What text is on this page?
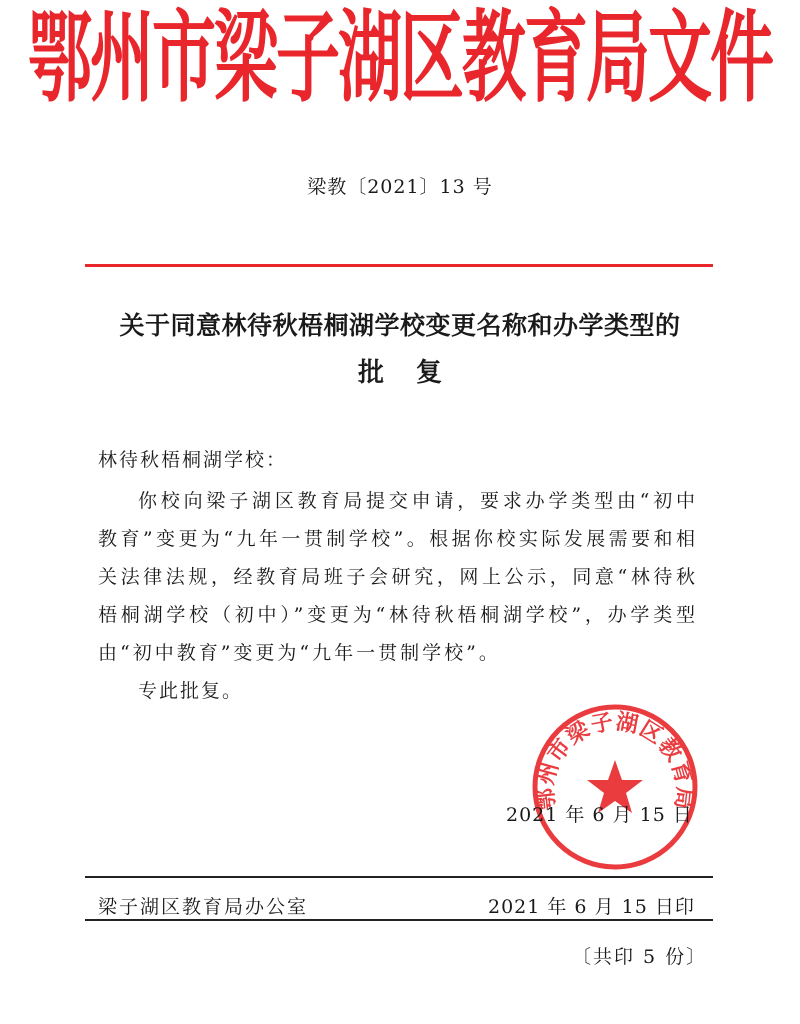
鄂州市梁子湖区教育局文件
梁教〔2021〕13 号
关于同意林待秋梧桐湖学校变更名称和办学类型的
批复
林待秋梧桐湖学校：
你校向梁子湖区教育局提交申请，要求办学类型由“初中教育”变更为“九年一贯制学校”。根据你校实际发展需要和相关法律法规，经教育局班子会研究，网上公示，同意“林待秋梧桐湖学校（初中）”变更为“林待秋梧桐湖学校”，办学类型由“初中教育”变更为“九年一贯制学校”。
专此批复。
鄂州市梁子湖区教育局
2021 年 6 月 15 日
梁子湖区教育局办公室	2021 年 6 月 15 日印
〔共印 5 份〕
